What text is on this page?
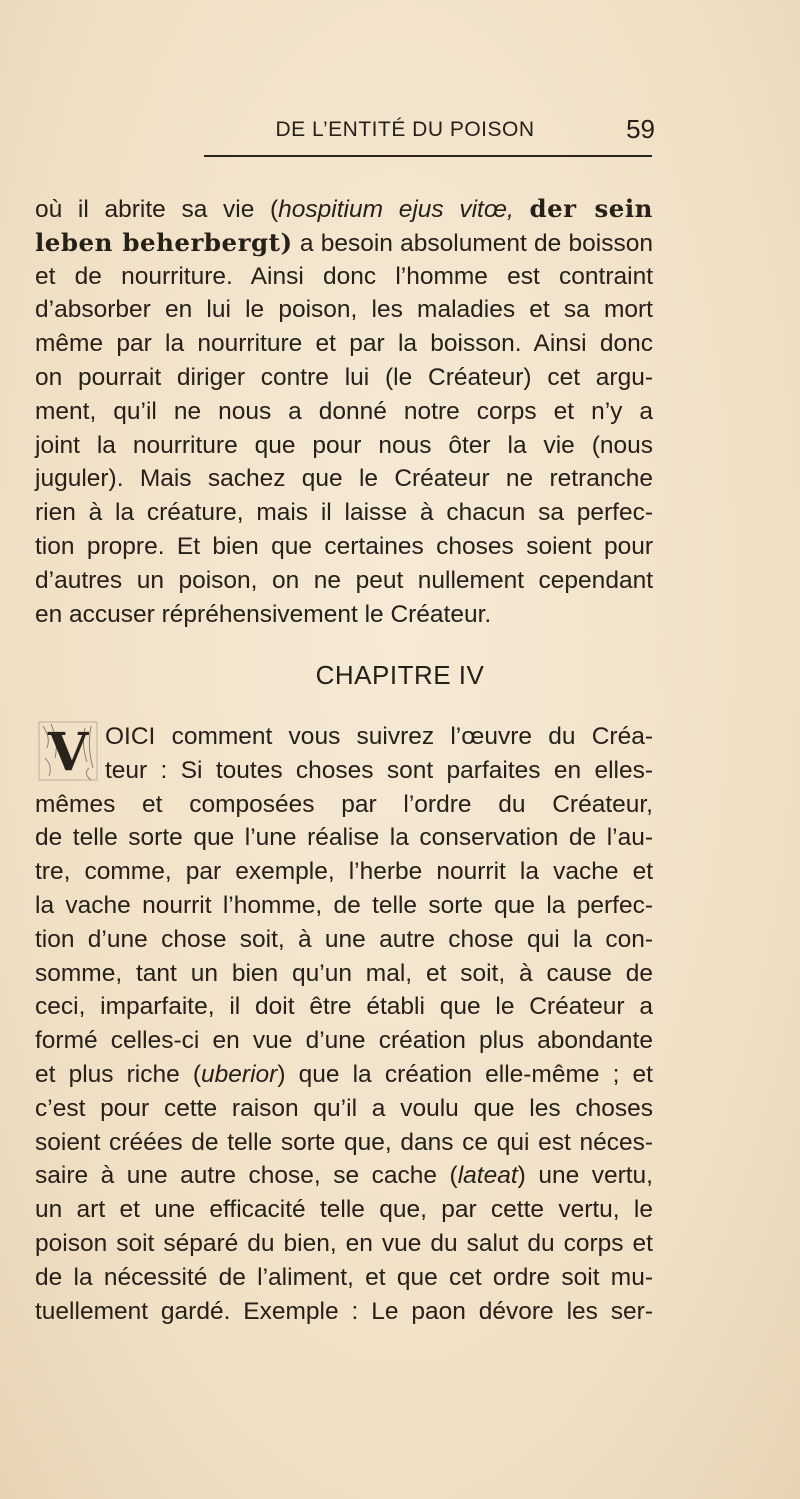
DE L’ENTITÉ DU POISON	59
où il abrite sa vie (hospitium ejus vitœ, der sein
leben beherbergt) a besoin absolument de boisson
et de nourriture. Ainsi donc l’homme est contraint
d’absorber en lui le poison, les maladies et sa mort
même par la nourriture et par la boisson. Ainsi donc
on pourrait diriger contre lui (le Créateur) cet argu-
ment, qu’il ne nous a donné notre corps et n’y a
joint la nourriture que pour nous ôter la vie (nous
juguler). Mais sachez que le Créateur ne retranche
rien à la créature, mais il laisse à chacun sa perfec-
tion propre. Et bien que certaines choses soient pour
d’autres un poison, on ne peut nullement cependant
en accuser répréhensivement le Créateur.
CHAPITRE IV
V OICI comment vous suivrez l’œuvre du Créa-
teur : Si toutes choses sont parfaites en elles-
mêmes et composées par l’ordre du Créateur,
de telle sorte que l’une réalise la conservation de l’au-
tre, comme, par exemple, l’herbe nourrit la vache et
la vache nourrit l’homme, de telle sorte que la perfec-
tion d’une chose soit, à une autre chose qui la con-
somme, tant un bien qu’un mal, et soit, à cause de
ceci, imparfaite, il doit être établi que le Créateur a
formé celles-ci en vue d’une création plus abondante
et plus riche (uberior) que la création elle-même ; et
c’est pour cette raison qu’il a voulu que les choses
soient créées de telle sorte que, dans ce qui est néces-
saire à une autre chose, se cache (lateat) une vertu,
un art et une efficacité telle que, par cette vertu, le
poison soit séparé du bien, en vue du salut du corps et
de la nécessité de l’aliment, et que cet ordre soit mu-
tuellement gardé. Exemple : Le paon dévore les ser-
